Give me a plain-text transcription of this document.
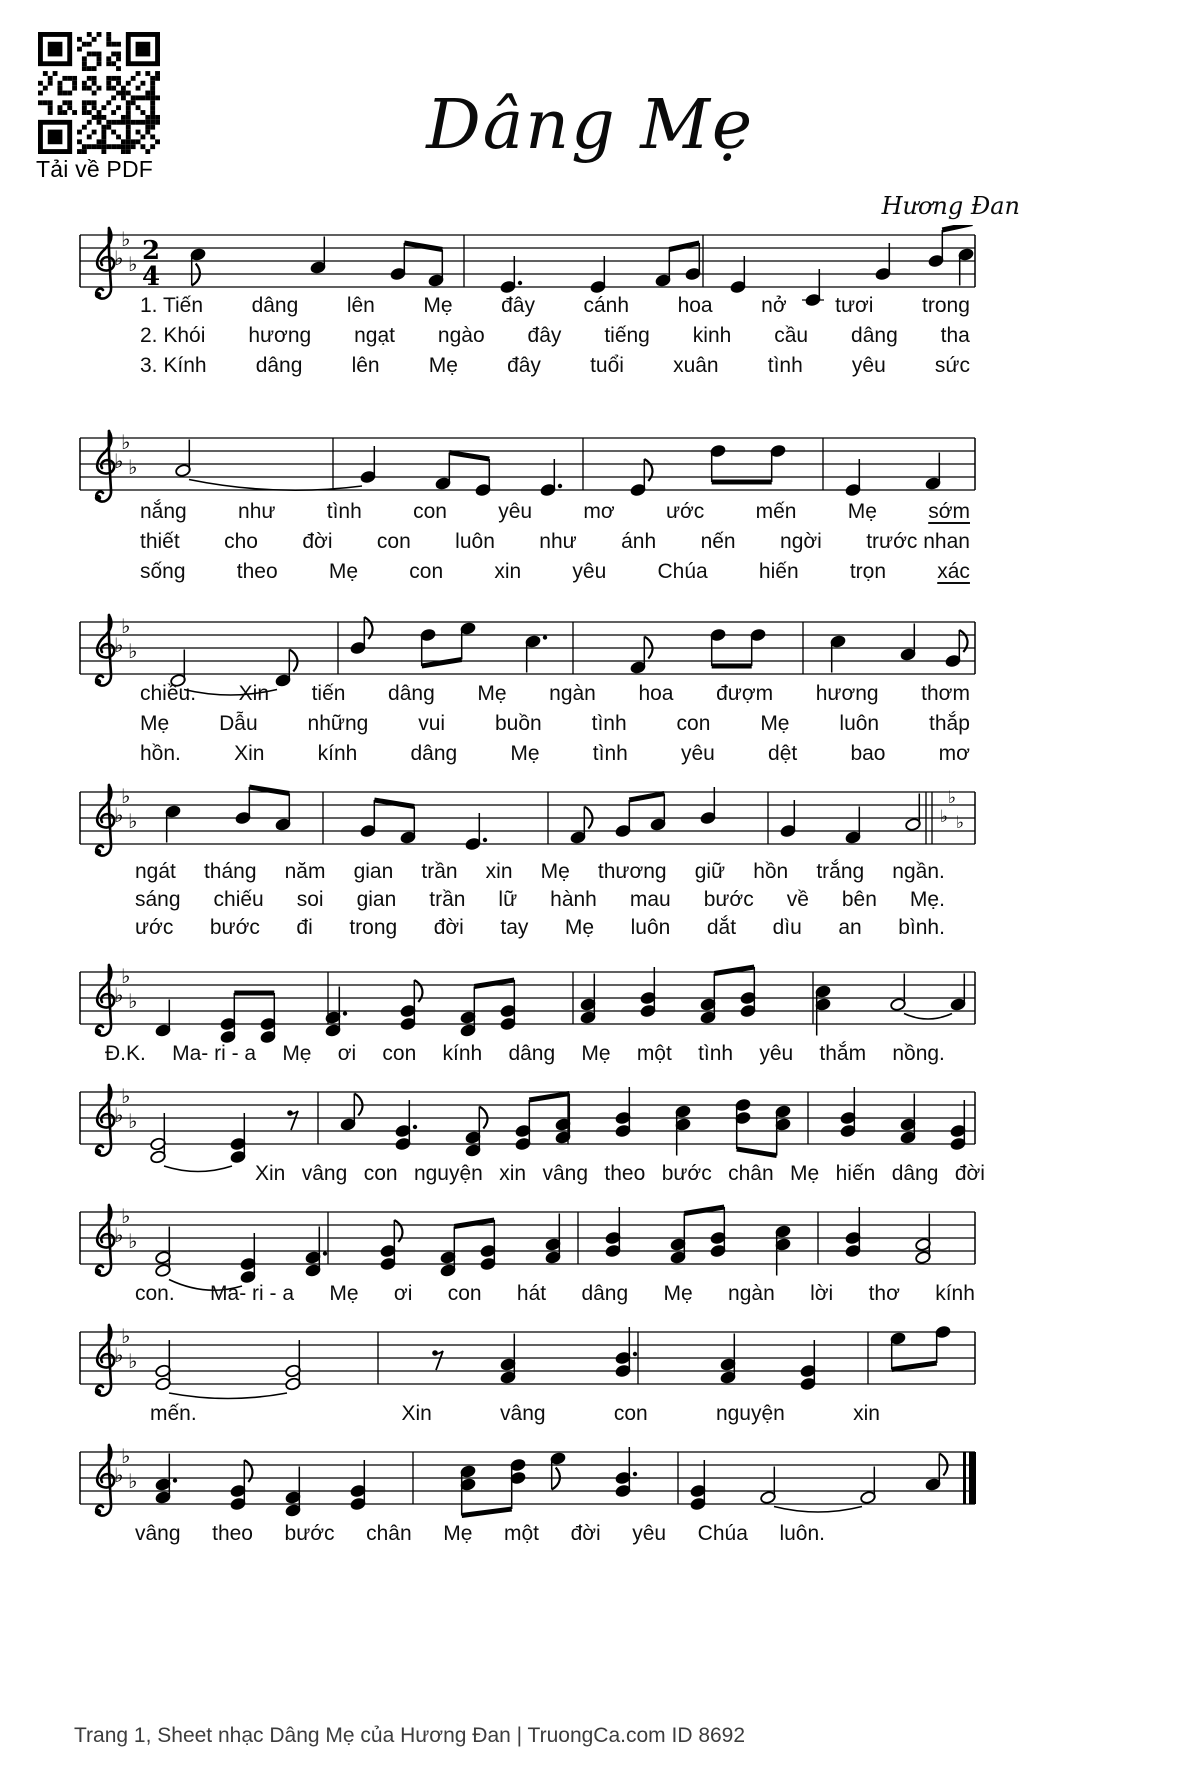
Tải về PDF
Dâng Mẹ
Hương Đan
♭
♭
♭ 2
4
1. Tiến dâng lên Mẹ đây cánh hoa nở tươi trong
2. Khói hương ngạt ngào đây tiếng kinh cầu dâng tha
3. Kính dâng lên Mẹ đây tuổi xuân tình yêu sức
♭
♭
♭
nắng như tình con yêu mơ ước mến Mẹ sớm
thiết cho đời con luôn như ánh nến ngời trước nhan
sống theo Mẹ con xin yêu Chúa hiến trọn xác
♭
♭
♭
chiều. Xin tiến dâng Mẹ ngàn hoa đượm hương thơm
Mẹ Dẫu những vui buồn tình con Mẹ luôn thắp
hồn.	Xin	kính	dâng	Mẹ	tình	yêu	dệt	bao	mơ
♭
♭
♭
♭
♭
♭
ngát tháng năm gian trần xin Mẹ thương giữ hồn trắng ngần.
sáng chiếu soi gian trần lữ hành mau bước về bên Mẹ.
ước bước đi trong đời tay Mẹ luôn dắt dìu an bình.
♭
♭
♭
Đ.K. Ma- ri - a Mẹ ơi con kính dâng Mẹ một tình yêu thắm nồng.
♭
♭
♭
Xin vâng con nguyện xin vâng theo bước chân Mẹ hiến dâng đời
♭
♭
♭
con. Ma- ri - a Mẹ ơi con hát dâng Mẹ ngàn lời thơ kính
♭
♭
♭
mến.	Xin	vâng	con	nguyện	xin
♭
♭
♭
vâng theo bước chân Mẹ một đời yêu Chúa luôn.
Trang 1, Sheet nhạc Dâng Mẹ của Hương Đan | TruongCa.com ID 8692
